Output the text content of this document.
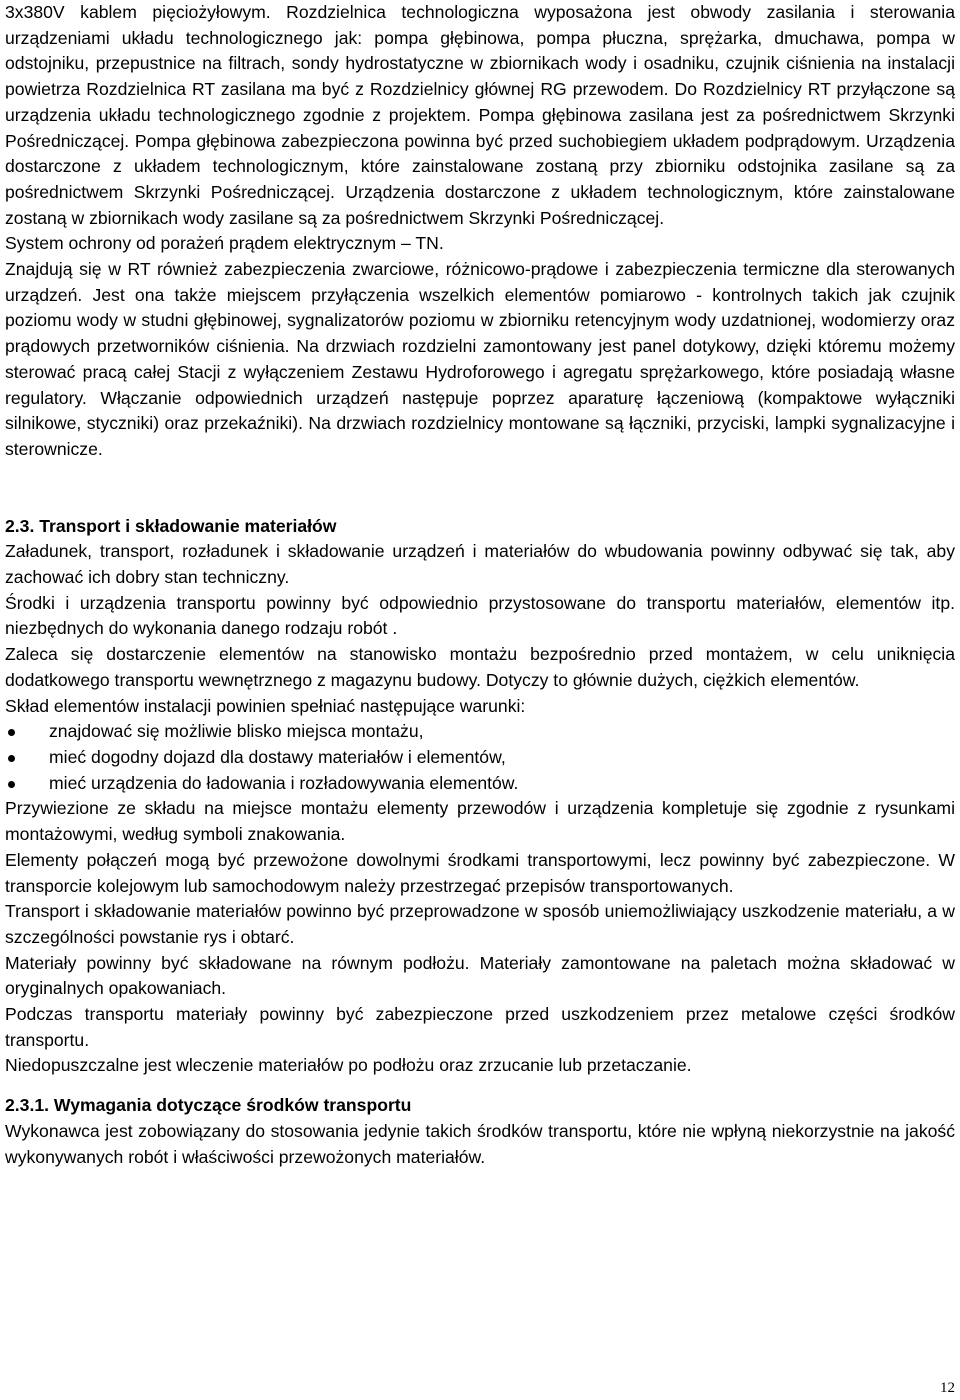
3x380V kablem pięciożyłowym. Rozdzielnica technologiczna wyposażona jest obwody zasilania i sterowania urządzeniami układu technologicznego jak: pompa głębinowa, pompa płuczna, sprężarka, dmuchawa, pompa w odstojniku, przepustnice na filtrach, sondy hydrostatyczne w zbiornikach wody i osadniku, czujnik ciśnienia na instalacji powietrza Rozdzielnica RT zasilana ma być z Rozdzielnicy głównej RG przewodem. Do Rozdzielnicy RT przyłączone są urządzenia układu technologicznego zgodnie z projektem. Pompa głębinowa zasilana jest za pośrednictwem Skrzynki Pośredniczącej. Pompa głębinowa zabezpieczona powinna być przed suchobiegiem układem podprądowym. Urządzenia dostarczone z układem technologicznym, które zainstalowane zostaną przy zbiorniku odstojnika zasilane są za pośrednictwem Skrzynki Pośredniczącej. Urządzenia dostarczone z układem technologicznym, które zainstalowane zostaną w zbiornikach wody zasilane są za pośrednictwem Skrzynki Pośredniczącej.

System ochrony od porażeń prądem elektrycznym – TN.

Znajdują się w RT również zabezpieczenia zwarciowe, różnicowo-prądowe i zabezpieczenia termiczne dla sterowanych urządzeń. Jest ona także miejscem przyłączenia wszelkich elementów pomiarowo - kontrolnych takich jak czujnik poziomu wody w studni głębinowej, sygnalizatorów poziomu w zbiorniku retencyjnym wody uzdatnionej, wodomierzy oraz prądowych przetworników ciśnienia. Na drzwiach rozdzielni zamontowany jest panel dotykowy, dzięki któremu możemy sterować pracą całej Stacji z wyłączeniem Zestawu Hydroforowego i agregatu sprężarkowego, które posiadają własne regulatory. Włączanie odpowiednich urządzeń następuje poprzez aparaturę łączeniową (kompaktowe wyłączniki silnikowe, styczniki) oraz przekaźniki). Na drzwiach rozdzielnicy montowane są łączniki, przyciski, lampki sygnalizacyjne i sterownicze.

2.3. Transport i składowanie materiałów

Załadunek, transport, rozładunek i składowanie urządzeń i materiałów do wbudowania powinny odbywać się tak, aby zachować ich dobry stan techniczny.

Środki i urządzenia transportu powinny być odpowiednio przystosowane do transportu materiałów, elementów itp. niezbędnych do wykonania danego rodzaju robót .

Zaleca się dostarczenie elementów na stanowisko montażu bezpośrednio przed montażem, w celu uniknięcia dodatkowego transportu wewnętrznego z magazynu budowy. Dotyczy to głównie dużych, ciężkich elementów.

Skład elementów instalacji powinien spełniać następujące warunki:

znajdować się możliwie blisko miejsca montażu,
mieć dogodny dojazd dla dostawy materiałów i elementów,
mieć urządzenia do ładowania i rozładowywania elementów.

Przywiezione ze składu na miejsce montażu elementy przewodów i urządzenia kompletuje się zgodnie z rysunkami montażowymi, według symboli znakowania.

Elementy połączeń mogą być przewożone dowolnymi środkami transportowymi, lecz powinny być zabezpieczone. W transporcie kolejowym lub samochodowym należy przestrzegać przepisów transportowanych.

Transport i składowanie materiałów powinno być przeprowadzone w sposób uniemożliwiający uszkodzenie materiału, a w szczególności powstanie rys i obtarć.

Materiały powinny być składowane na równym podłożu. Materiały zamontowane na paletach można składować w oryginalnych opakowaniach.

Podczas transportu materiały powinny być zabezpieczone przed uszkodzeniem przez metalowe części środków transportu.

Niedopuszczalne jest wleczenie materiałów po podłożu oraz zrzucanie lub przetaczanie.

2.3.1. Wymagania dotyczące środków transportu

Wykonawca jest zobowiązany do stosowania jedynie takich środków transportu, które nie wpłyną niekorzystnie na jakość wykonywanych robót i właściwości przewożonych materiałów.

12
